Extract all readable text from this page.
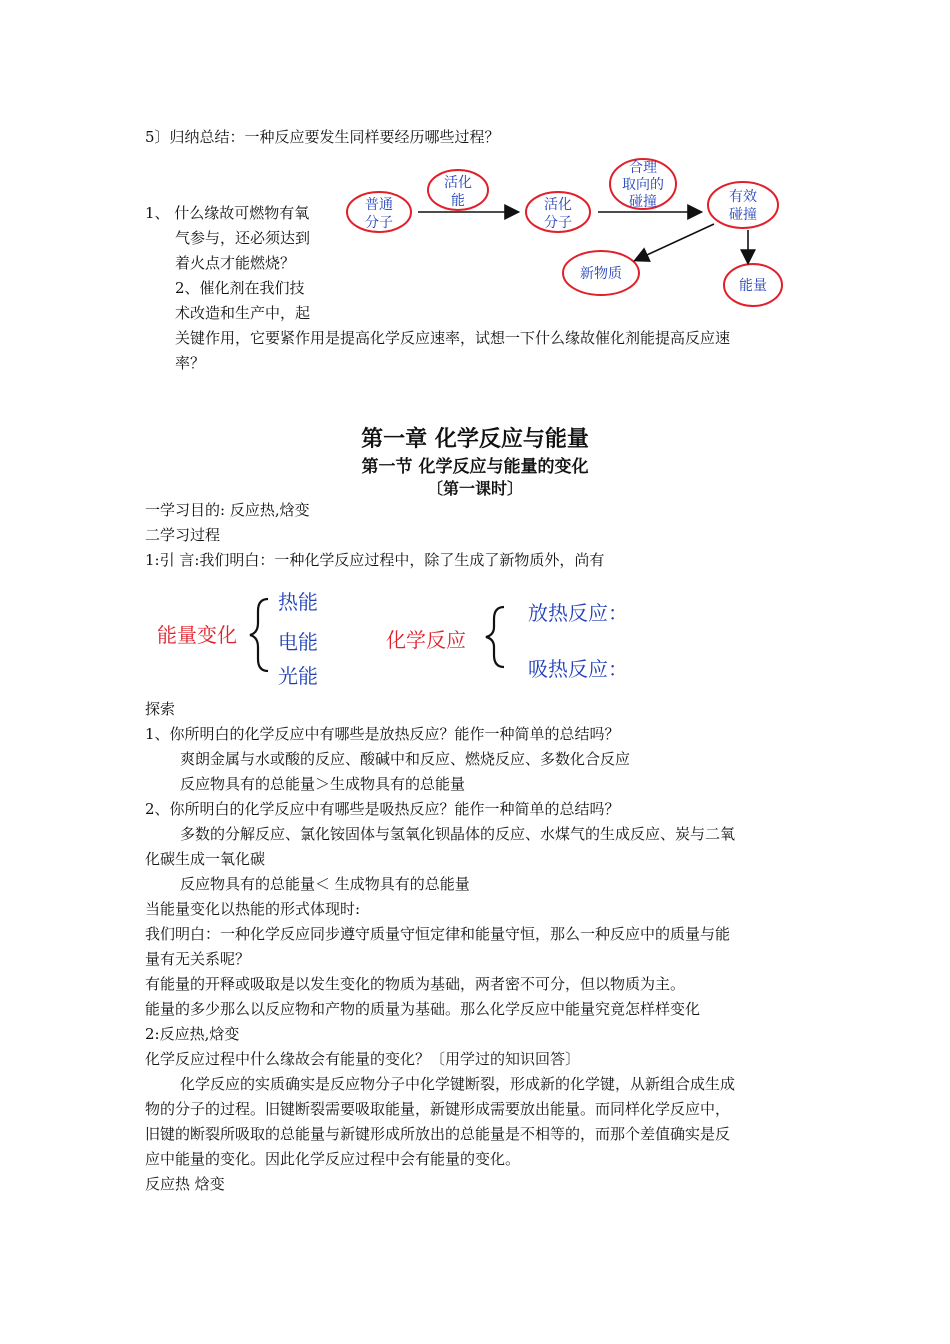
5〕归纳总结：一种反应要发生同样要经历哪些过程？
1、 什么缘故可燃物有氧
气参与，还必须达到
着火点才能燃烧？
2、催化剂在我们技
术改造和生产中，起
关键作用，它要紧作用是提高化学反应速率，试想一下什么缘故催化剂能提高反应速
率？
普通
分子
活化
能	活化
分子
合理
取向的
碰撞	有效
碰撞
新物质
能量
第一章 化学反应与能量
第一节 化学反应与能量的变化
〔第一课时〕
一学习目的: 反应热,焓变
二学习过程
1:引 言:我们明白：一种化学反应过程中，除了生成了新物质外，尚有
能量变化
热能
电能
光能
化学反应
放热反应：
吸热反应：
探索
1、你所明白的化学反应中有哪些是放热反应？能作一种简单的总结吗？
爽朗金属与水或酸的反应、酸碱中和反应、燃烧反应、多数化合反应
反应物具有的总能量＞生成物具有的总能量
2、你所明白的化学反应中有哪些是吸热反应？能作一种简单的总结吗？
多数的分解反应、氯化铵固体与氢氧化钡晶体的反应、水煤气的生成反应、炭与二氧
化碳生成一氧化碳
反应物具有的总能量＜ 生成物具有的总能量
当能量变化以热能的形式体现时:
我们明白：一种化学反应同步遵守质量守恒定律和能量守恒，那么一种反应中的质量与能
量有无关系呢？
有能量的开释或吸取是以发生变化的物质为基础，两者密不可分，但以物质为主。
能量的多少那么以反应物和产物的质量为基础。那么化学反应中能量究竟怎样样变化
2:反应热,焓变
化学反应过程中什么缘故会有能量的变化？〔用学过的知识回答〕
化学反应的实质确实是反应物分子中化学键断裂，形成新的化学键，从新组合成生成
物的分子的过程。旧键断裂需要吸取能量，新键形成需要放出能量。而同样化学反应中，
旧键的断裂所吸取的总能量与新键形成所放出的总能量是不相等的，而那个差值确实是反
应中能量的变化。因此化学反应过程中会有能量的变化。
反应热 焓变
